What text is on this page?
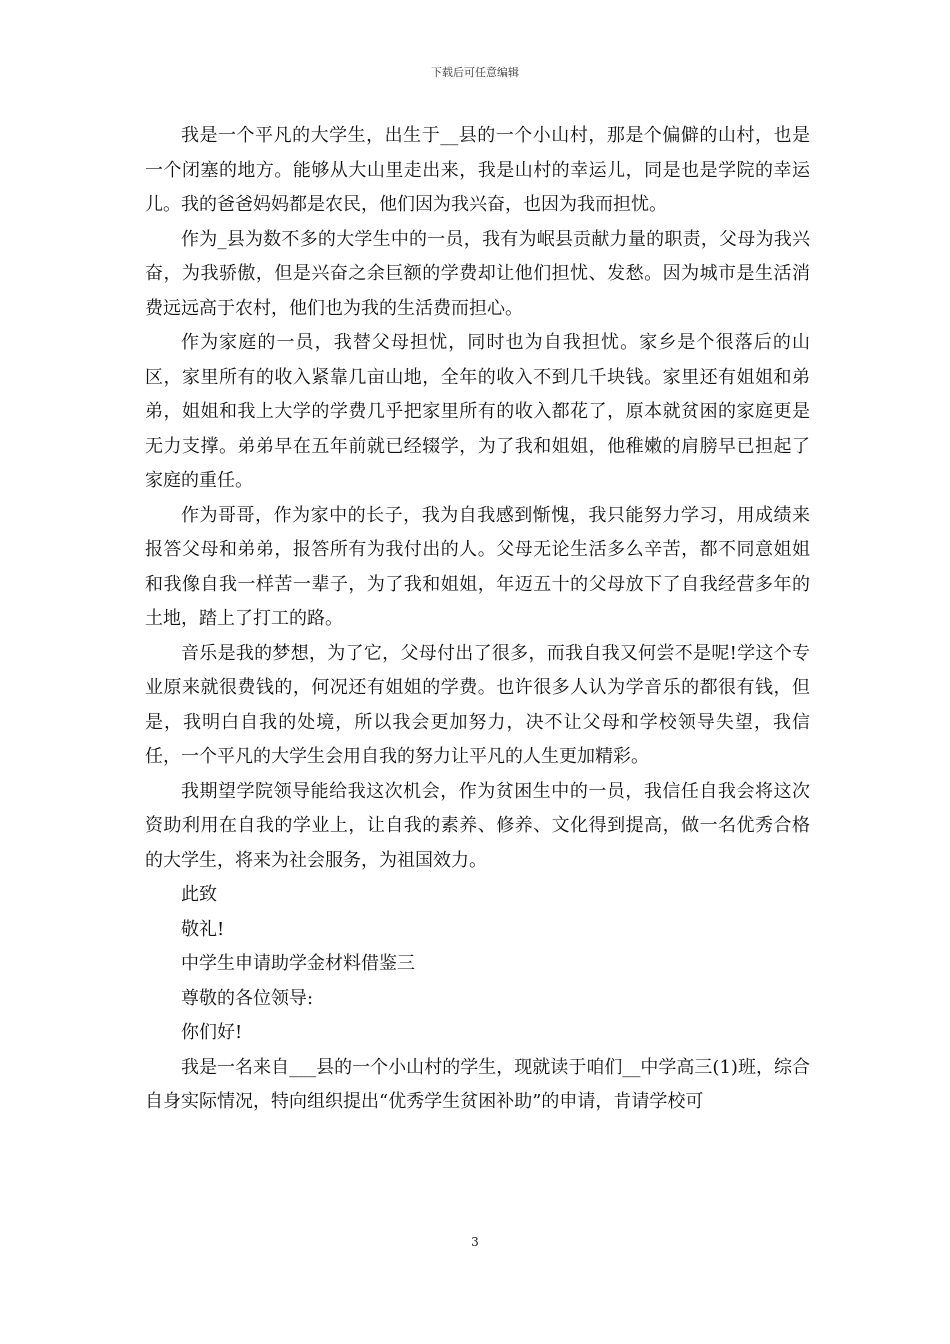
下载后可任意编辑

我是一个平凡的大学生，出生于__县的一个小山村，那是个偏僻的山村，也是一个闭塞的地方。能够从大山里走出来，我是山村的幸运儿，同是也是学院的幸运儿。我的爸爸妈妈都是农民，他们因为我兴奋，也因为我而担忧。

作为_县为数不多的大学生中的一员，我有为岷县贡献力量的职责，父母为我兴奋，为我骄傲，但是兴奋之余巨额的学费却让他们担忧、发愁。因为城市是生活消费远远高于农村，他们也为我的生活费而担心。

作为家庭的一员，我替父母担忧，同时也为自我担忧。家乡是个很落后的山区，家里所有的收入紧靠几亩山地，全年的收入不到几千块钱。家里还有姐姐和弟弟，姐姐和我上大学的学费几乎把家里所有的收入都花了，原本就贫困的家庭更是无力支撑。弟弟早在五年前就已经辍学，为了我和姐姐，他稚嫩的肩膀早已担起了家庭的重任。

作为哥哥，作为家中的长子，我为自我感到惭愧，我只能努力学习，用成绩来报答父母和弟弟，报答所有为我付出的人。父母无论生活多么辛苦，都不同意姐姐和我像自我一样苦一辈子，为了我和姐姐，年迈五十的父母放下了自我经营多年的土地，踏上了打工的路。

音乐是我的梦想，为了它，父母付出了很多，而我自我又何尝不是呢!学这个专业原来就很费钱的，何况还有姐姐的学费。也许很多人认为学音乐的都很有钱，但是，我明白自我的处境，所以我会更加努力，决不让父母和学校领导失望，我信任，一个平凡的大学生会用自我的努力让平凡的人生更加精彩。

我期望学院领导能给我这次机会，作为贫困生中的一员，我信任自我会将这次资助利用在自我的学业上，让自我的素养、修养、文化得到提高，做一名优秀合格的大学生，将来为社会服务，为祖国效力。

此致

敬礼!

中学生申请助学金材料借鉴三

尊敬的各位领导:

你们好!

我是一名来自___县的一个小山村的学生，现就读于咱们__中学高三(1)班，综合自身实际情况，特向组织提出“优秀学生贫困补助”的申请，肯请学校可

3
